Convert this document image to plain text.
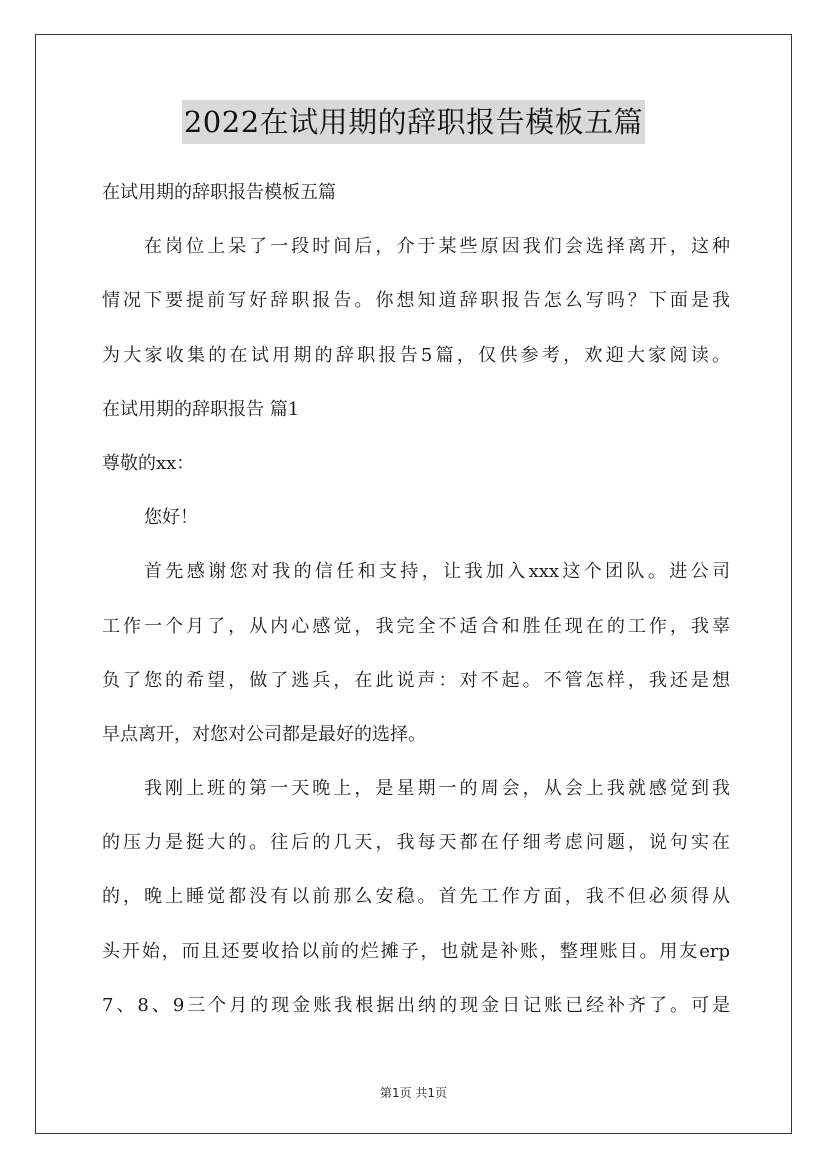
2022在试用期的辞职报告模板五篇
在试用期的辞职报告模板五篇
在岗位上呆了一段时间后，介于某些原因我们会选择离开，这种
情况下要提前写好辞职报告。你想知道辞职报告怎么写吗？下面是我
为大家收集的在试用期的辞职报告5篇，仅供参考，欢迎大家阅读。
在试用期的辞职报告 篇1
尊敬的xx：
您好！
首先感谢您对我的信任和支持，让我加入xxx这个团队。进公司
工作一个月了，从内心感觉，我完全不适合和胜任现在的工作，我辜
负了您的希望，做了逃兵，在此说声：对不起。不管怎样，我还是想
早点离开，对您对公司都是最好的选择。
我刚上班的第一天晚上，是星期一的周会，从会上我就感觉到我
的压力是挺大的。往后的几天，我每天都在仔细考虑问题，说句实在
的，晚上睡觉都没有以前那么安稳。首先工作方面，我不但必须得从
头开始，而且还要收拾以前的烂摊子，也就是补账，整理账目。用友erp
7、8、9三个月的现金账我根据出纳的现金日记账已经补齐了。可是
第1页 共1页
